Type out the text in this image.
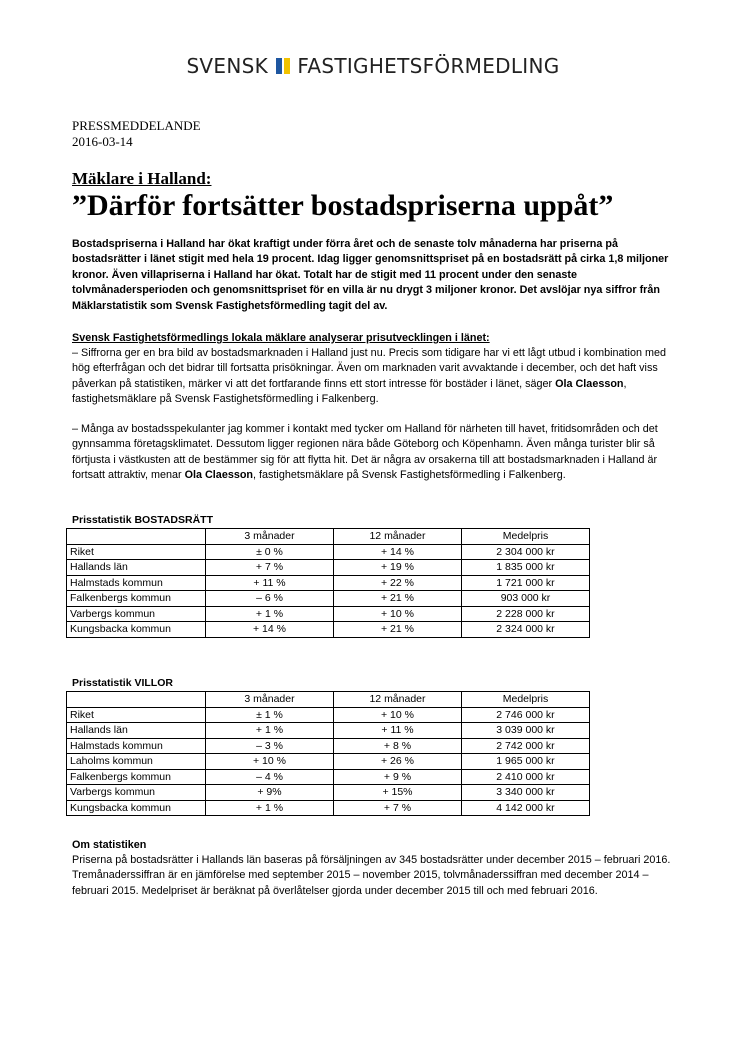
SVENSK FASTIGHETSFÖRMEDLING
PRESSMEDDELANDE
2016-03-14
Mäklare i Halland:
”Därför fortsätter bostadspriserna uppåt”
Bostadspriserna i Halland har ökat kraftigt under förra året och de senaste tolv månaderna har priserna på bostadsrätter i länet stigit med hela 19 procent. Idag ligger genomsnittspriset på en bostadsrätt på cirka 1,8 miljoner kronor. Även villapriserna i Halland har ökat. Totalt har de stigit med 11 procent under den senaste tolvmånadersperioden och genomsnittspriset för en villa är nu drygt 3 miljoner kronor. Det avslöjar nya siffror från Mäklarstatistik som Svensk Fastighetsförmedling tagit del av.
Svensk Fastighetsförmedlings lokala mäklare analyserar prisutvecklingen i länet:
– Siffrorna ger en bra bild av bostadsmarknaden i Halland just nu. Precis som tidigare har vi ett lågt utbud i kombination med hög efterfrågan och det bidrar till fortsatta prisökningar. Även om marknaden varit avvaktande i december, och det haft viss påverkan på statistiken, märker vi att det fortfarande finns ett stort intresse för bostäder i länet, säger Ola Claesson, fastighetsmäklare på Svensk Fastighetsförmedling i Falkenberg.
– Många av bostadsspekulanter jag kommer i kontakt med tycker om Halland för närheten till havet, fritidsområden och det gynnsamma företagsklimatet. Dessutom ligger regionen nära både Göteborg och Köpenhamn. Även många turister blir så förtjusta i västkusten att de bestämmer sig för att flytta hit. Det är några av orsakerna till att bostadsmarknaden i Halland är fortsatt attraktiv, menar Ola Claesson, fastighetsmäklare på Svensk Fastighetsförmedling i Falkenberg.
Prisstatistik BOSTADSRÄTT
	3 månader	12 månader	Medelpris
Riket	± 0 %	+ 14 %	2 304 000 kr
Hallands län	+ 7 %	+ 19 %	1 835 000 kr
Halmstads kommun	+ 11 %	+ 22 %	1 721 000 kr
Falkenbergs kommun	– 6 %	+ 21 %	903 000 kr
Varbergs kommun	+ 1 %	+ 10 %	2 228 000 kr
Kungsbacka kommun	+ 14 %	+ 21 %	2 324 000 kr
Prisstatistik VILLOR
	3 månader	12 månader	Medelpris
Riket	± 1 %	+ 10 %	2 746 000 kr
Hallands län	+ 1 %	+ 11 %	3 039 000 kr
Halmstads kommun	– 3 %	+ 8 %	2 742 000 kr
Laholms kommun	+ 10 %	+ 26 %	1 965 000 kr
Falkenbergs kommun	– 4 %	+ 9 %	2 410 000 kr
Varbergs kommun	+ 9%	+ 15%	3 340 000 kr
Kungsbacka kommun	+ 1 %	+ 7 %	4 142 000 kr
Om statistiken
Priserna på bostadsrätter i Hallands län baseras på försäljningen av 345 bostadsrätter under december 2015 – februari 2016. Tremånaderssiffran är en jämförelse med september 2015 – november 2015, tolvmånaderssiffran med december 2014 – februari 2015. Medelpriset är beräknat på överlåtelser gjorda under december 2015 till och med februari 2016.
